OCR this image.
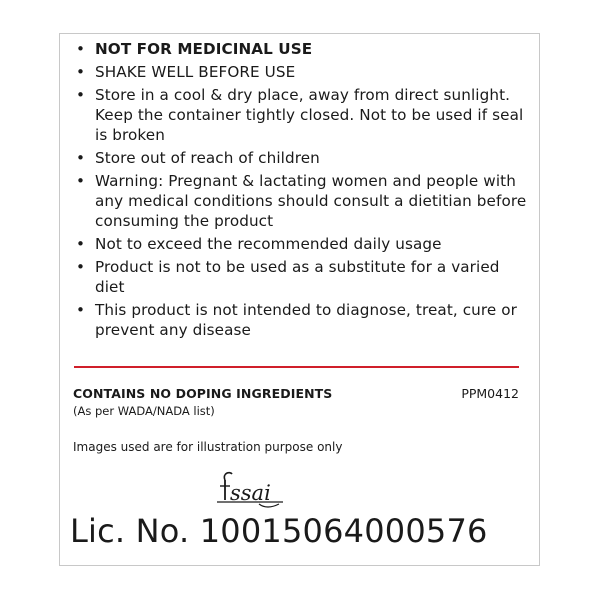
• NOT FOR MEDICINAL USE
• SHAKE WELL BEFORE USE
• Store in a cool & dry place, away from direct sunlight. Keep the container tightly closed. Not to be used if seal is broken
• Store out of reach of children
• Warning: Pregnant & lactating women and people with any medical conditions should consult a dietitian before consuming the product
• Not to exceed the recommended daily usage
• Product is not to be used as a substitute for a varied diet
• This product is not intended to diagnose, treat, cure or prevent any disease
CONTAINS NO DOPING INGREDIENTS
(As per WADA/NADA list)
PPM0412
Images used are for illustration purpose only
ssai
Lic. No. 10015064000576
